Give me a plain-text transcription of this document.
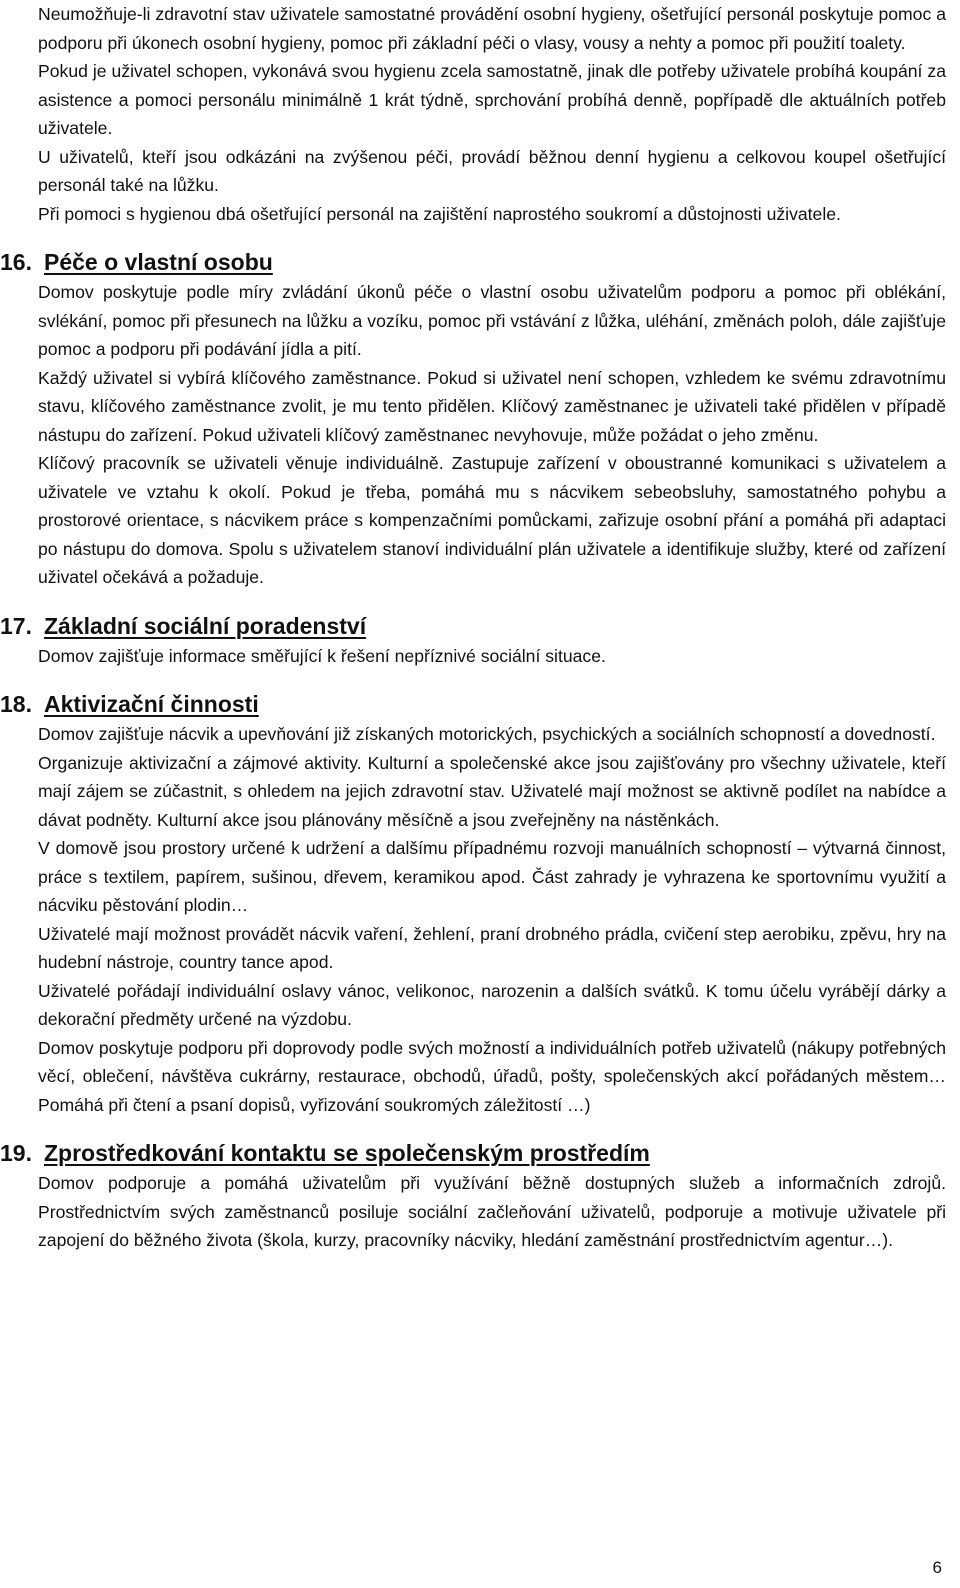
Neumožňuje-li zdravotní stav uživatele samostatné provádění osobní hygieny, ošetřující personál poskytuje pomoc a podporu při úkonech osobní hygieny, pomoc při základní péči o vlasy, vousy a nehty a pomoc při použití toalety.

Pokud je uživatel schopen, vykonává svou hygienu zcela samostatně, jinak dle potřeby uživatele probíhá koupání za asistence a pomoci personálu minimálně 1 krát týdně, sprchování probíhá denně, popřípadě dle aktuálních potřeb uživatele.

U uživatelů, kteří jsou odkázáni na zvýšenou péči, provádí běžnou denní hygienu a celkovou koupel ošetřující personál také na lůžku.

Při pomoci s hygienou dbá ošetřující personál na zajištění naprostého soukromí a důstojnosti uživatele.

16. Péče o vlastní osobu

Domov poskytuje podle míry zvládání úkonů péče o vlastní osobu uživatelům podporu a pomoc při oblékání, svlékání, pomoc při přesunech na lůžku a vozíku, pomoc při vstávání z lůžka, uléhání, změnách poloh, dále zajišťuje pomoc a podporu při podávání jídla a pití.

Každý uživatel si vybírá klíčového zaměstnance. Pokud si uživatel není schopen, vzhledem ke svému zdravotnímu stavu, klíčového zaměstnance zvolit, je mu tento přidělen. Klíčový zaměstnanec je uživateli také přidělen v případě nástupu do zařízení. Pokud uživateli klíčový zaměstnanec nevyhovuje, může požádat o jeho změnu.

Klíčový pracovník se uživateli věnuje individuálně. Zastupuje zařízení v oboustranné komunikaci s uživatelem a uživatele ve vztahu k okolí. Pokud je třeba, pomáhá mu s nácvikem sebeobsluhy, samostatného pohybu a prostorové orientace, s nácvikem práce s kompenzačními pomůckami, zařizuje osobní přání a pomáhá při adaptaci po nástupu do domova. Spolu s uživatelem stanoví individuální plán uživatele a identifikuje služby, které od zařízení uživatel očekává a požaduje.

17. Základní sociální poradenství

Domov zajišťuje informace směřující k řešení nepříznivé sociální situace.

18. Aktivizační činnosti

Domov zajišťuje nácvik a upevňování již získaných motorických, psychických a sociálních schopností a dovedností.

Organizuje aktivizační a zájmové aktivity. Kulturní a společenské akce jsou zajišťovány pro všechny uživatele, kteří mají zájem se zúčastnit, s ohledem na jejich zdravotní stav. Uživatelé mají možnost se aktivně podílet na nabídce a dávat podněty. Kulturní akce jsou plánovány měsíčně a jsou zveřejněny na nástěnkách.

V domově jsou prostory určené k udržení a dalšímu případnému rozvoji manuálních schopností – výtvarná činnost, práce s textilem, papírem, sušinou, dřevem, keramikou apod. Část zahrady je vyhrazena ke sportovnímu využití a nácviku pěstování plodin…

Uživatelé mají možnost provádět nácvik vaření, žehlení, praní drobného prádla, cvičení step aerobiku, zpěvu, hry na hudební nástroje, country tance apod.

Uživatelé pořádají individuální oslavy vánoc, velikonoc, narozenin a dalších svátků. K tomu účelu vyrábějí dárky a dekorační předměty určené na výzdobu.

Domov poskytuje podporu při doprovody podle svých možností a individuálních potřeb uživatelů (nákupy potřebných věcí, oblečení, návštěva cukrárny, restaurace, obchodů, úřadů, pošty, společenských akcí pořádaných městem…Pomáhá při čtení a psaní dopisů, vyřizování soukromých záležitostí …)

19. Zprostředkování kontaktu se společenským prostředím

Domov podporuje a pomáhá uživatelům při využívání běžně dostupných služeb a informačních zdrojů. Prostřednictvím svých zaměstnanců posiluje sociální začleňování uživatelů, podporuje a motivuje uživatele při zapojení do běžného života (škola, kurzy, pracovníky nácviky, hledání zaměstnání prostřednictvím agentur…).

6
